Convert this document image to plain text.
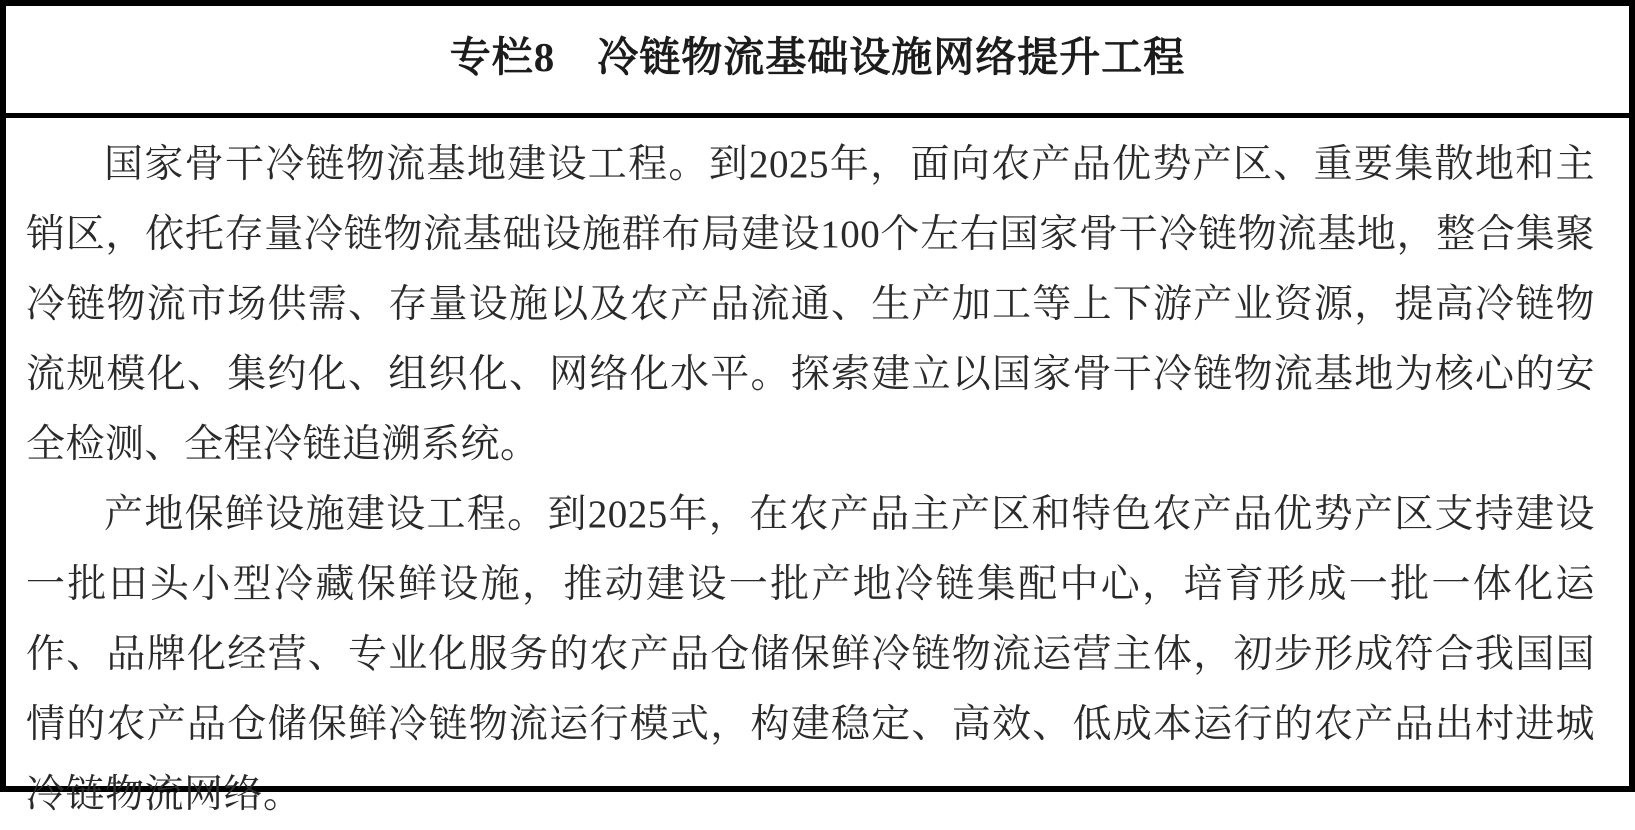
专栏8　冷链物流基础设施网络提升工程

国家骨干冷链物流基地建设工程。到2025年，面向农产品优势产区、重要集散地和主销区，依托存量冷链物流基础设施群布局建设100个左右国家骨干冷链物流基地，整合集聚冷链物流市场供需、存量设施以及农产品流通、生产加工等上下游产业资源，提高冷链物流规模化、集约化、组织化、网络化水平。探索建立以国家骨干冷链物流基地为核心的安全检测、全程冷链追溯系统。

产地保鲜设施建设工程。到2025年，在农产品主产区和特色农产品优势产区支持建设一批田头小型冷藏保鲜设施，推动建设一批产地冷链集配中心，培育形成一批一体化运作、品牌化经营、专业化服务的农产品仓储保鲜冷链物流运营主体，初步形成符合我国国情的农产品仓储保鲜冷链物流运行模式，构建稳定、高效、低成本运行的农产品出村进城冷链物流网络。
